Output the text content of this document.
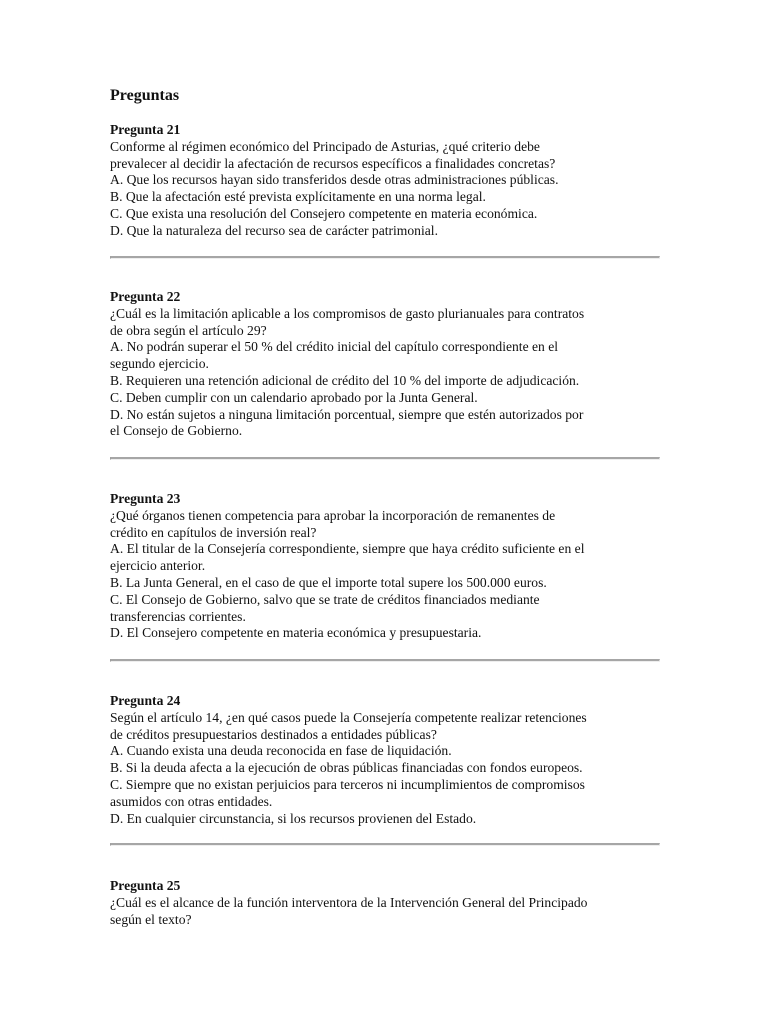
Preguntas
Pregunta 21
Conforme al régimen económico del Principado de Asturias, ¿qué criterio debe
prevalecer al decidir la afectación de recursos específicos a finalidades concretas?
A. Que los recursos hayan sido transferidos desde otras administraciones públicas.
B. Que la afectación esté prevista explícitamente en una norma legal.
C. Que exista una resolución del Consejero competente en materia económica.
D. Que la naturaleza del recurso sea de carácter patrimonial.
Pregunta 22
¿Cuál es la limitación aplicable a los compromisos de gasto plurianuales para contratos
de obra según el artículo 29?
A. No podrán superar el 50 % del crédito inicial del capítulo correspondiente en el
segundo ejercicio.
B. Requieren una retención adicional de crédito del 10 % del importe de adjudicación.
C. Deben cumplir con un calendario aprobado por la Junta General.
D. No están sujetos a ninguna limitación porcentual, siempre que estén autorizados por
el Consejo de Gobierno.
Pregunta 23
¿Qué órganos tienen competencia para aprobar la incorporación de remanentes de
crédito en capítulos de inversión real?
A. El titular de la Consejería correspondiente, siempre que haya crédito suficiente en el
ejercicio anterior.
B. La Junta General, en el caso de que el importe total supere los 500.000 euros.
C. El Consejo de Gobierno, salvo que se trate de créditos financiados mediante
transferencias corrientes.
D. El Consejero competente en materia económica y presupuestaria.
Pregunta 24
Según el artículo 14, ¿en qué casos puede la Consejería competente realizar retenciones
de créditos presupuestarios destinados a entidades públicas?
A. Cuando exista una deuda reconocida en fase de liquidación.
B. Si la deuda afecta a la ejecución de obras públicas financiadas con fondos europeos.
C. Siempre que no existan perjuicios para terceros ni incumplimientos de compromisos
asumidos con otras entidades.
D. En cualquier circunstancia, si los recursos provienen del Estado.
Pregunta 25
¿Cuál es el alcance de la función interventora de la Intervención General del Principado
según el texto?
